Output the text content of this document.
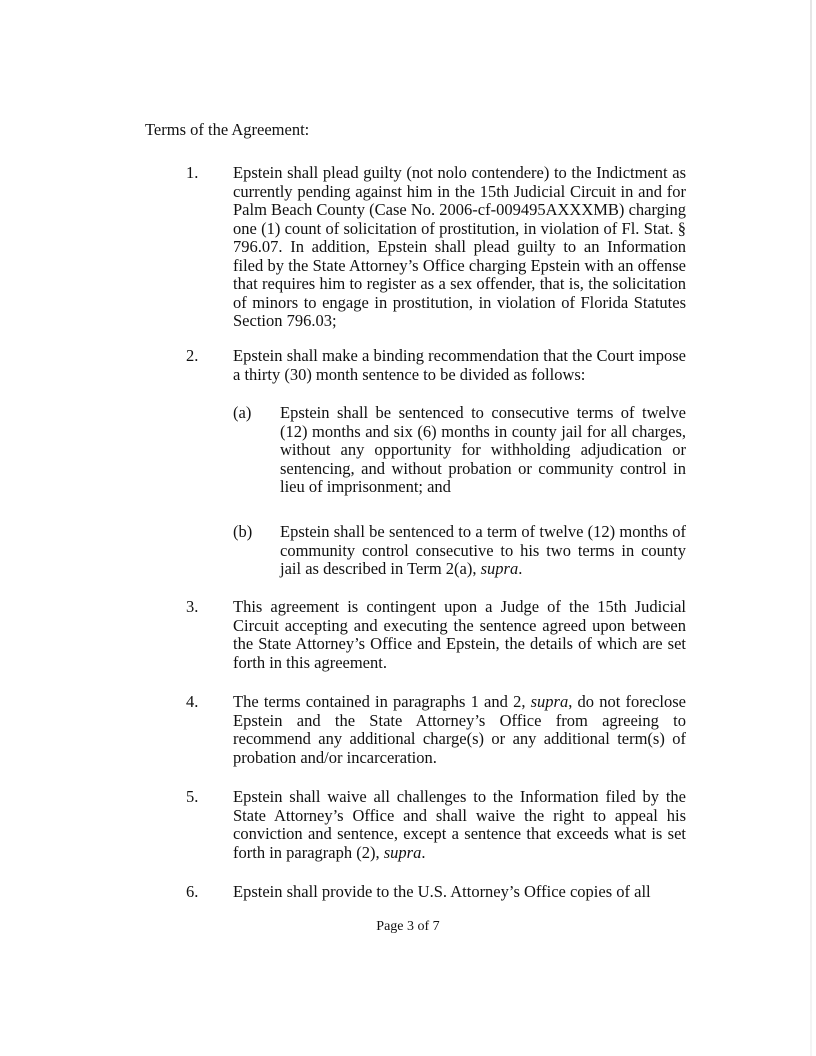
Terms of the Agreement:
1.	Epstein shall plead guilty (not nolo contendere) to the Indictment as currently pending against him in the 15th Judicial Circuit in and for Palm Beach County (Case No. 2006-cf-009495AXXXMB) charging one (1) count of solicitation of prostitution, in violation of Fl. Stat. § 796.07. In addition, Epstein shall plead guilty to an Information filed by the State Attorney’s Office charging Epstein with an offense that requires him to register as a sex offender, that is, the solicitation of minors to engage in prostitution, in violation of Florida Statutes Section 796.03;
2.	Epstein shall make a binding recommendation that the Court impose a thirty (30) month sentence to be divided as follows:
(a)	Epstein shall be sentenced to consecutive terms of twelve (12) months and six (6) months in county jail for all charges, without any opportunity for withholding adjudication or sentencing, and without probation or community control in lieu of imprisonment; and
(b)	Epstein shall be sentenced to a term of twelve (12) months of community control consecutive to his two terms in county jail as described in Term 2(a), supra.
3.	This agreement is contingent upon a Judge of the 15th Judicial Circuit accepting and executing the sentence agreed upon between the State Attorney’s Office and Epstein, the details of which are set forth in this agreement.
4.	The terms contained in paragraphs 1 and 2, supra, do not foreclose Epstein and the State Attorney’s Office from agreeing to recommend any additional charge(s) or any additional term(s) of probation and/or incarceration.
5.	Epstein shall waive all challenges to the Information filed by the State Attorney’s Office and shall waive the right to appeal his conviction and sentence, except a sentence that exceeds what is set forth in paragraph (2), supra.
6.	Epstein shall provide to the U.S. Attorney’s Office copies of all
Page 3 of 7
